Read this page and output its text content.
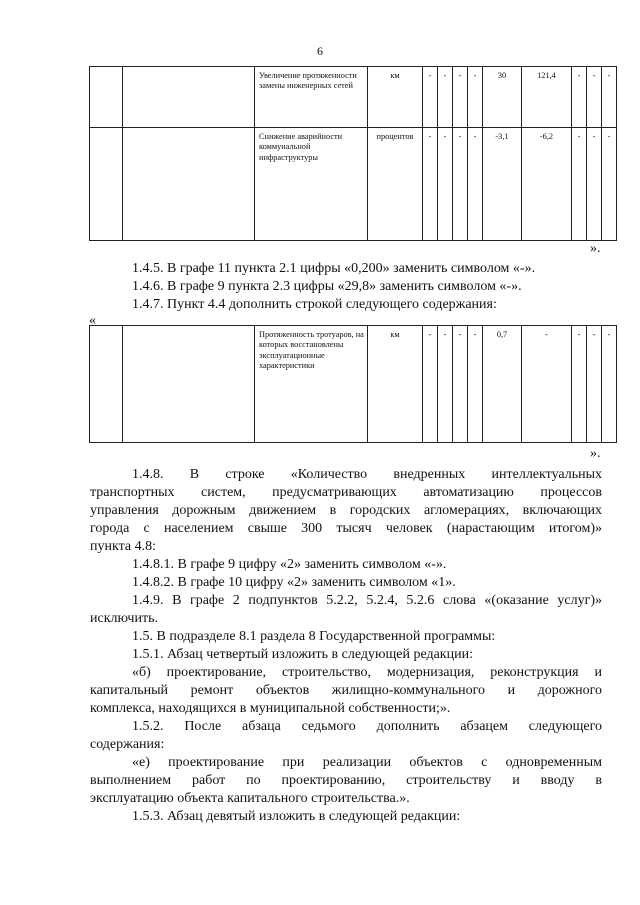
6
		Увеличение протяженности замены инженерных сетей	км	-	-	-	-	30	121,4	-	-	-
		Снижение аварийности коммунальной инфраструктуры	процентов	-	-	-	-	-3,1	-6,2	-	-	-
».

1.4.5. В графе 11 пункта 2.1 цифры «0,200» заменить символом «-».

1.4.6. В графе 9 пункта 2.3 цифры «29,8» заменить символом «-».

1.4.7. Пункт 4.4 дополнить строкой следующего содержания:

«
		Протяженность тротуаров, на которых восстановлены эксплуатационные характеристики	км	-	-	-	-	0,7	-	-	-	-
».

1.4.8. В строке «Количество внедренных интеллектуальных

транспортных систем, предусматривающих автоматизацию процессов

управления дорожным движением в городских агломерациях, включающих

города с населением свыше 300 тысяч человек (нарастающим итогом)»

пункта 4.8:

1.4.8.1. В графе 9 цифру «2» заменить символом «-».

1.4.8.2. В графе 10 цифру «2» заменить символом «1».

1.4.9. В графе 2 подпунктов 5.2.2, 5.2.4, 5.2.6 слова «(оказание услуг)»

исключить.

1.5. В подразделе 8.1 раздела 8 Государственной программы:

1.5.1. Абзац четвертый изложить в следующей редакции:

«б) проектирование, строительство, модернизация, реконструкция и

капитальный ремонт объектов жилищно-коммунального и дорожного

комплекса, находящихся в муниципальной собственности;».

1.5.2. После абзаца седьмого дополнить абзацем следующего

содержания:

«е) проектирование при реализации объектов с одновременным

выполнением работ по проектированию, строительству и вводу в

эксплуатацию объекта капитального строительства.».

1.5.3. Абзац девятый изложить в следующей редакции:
